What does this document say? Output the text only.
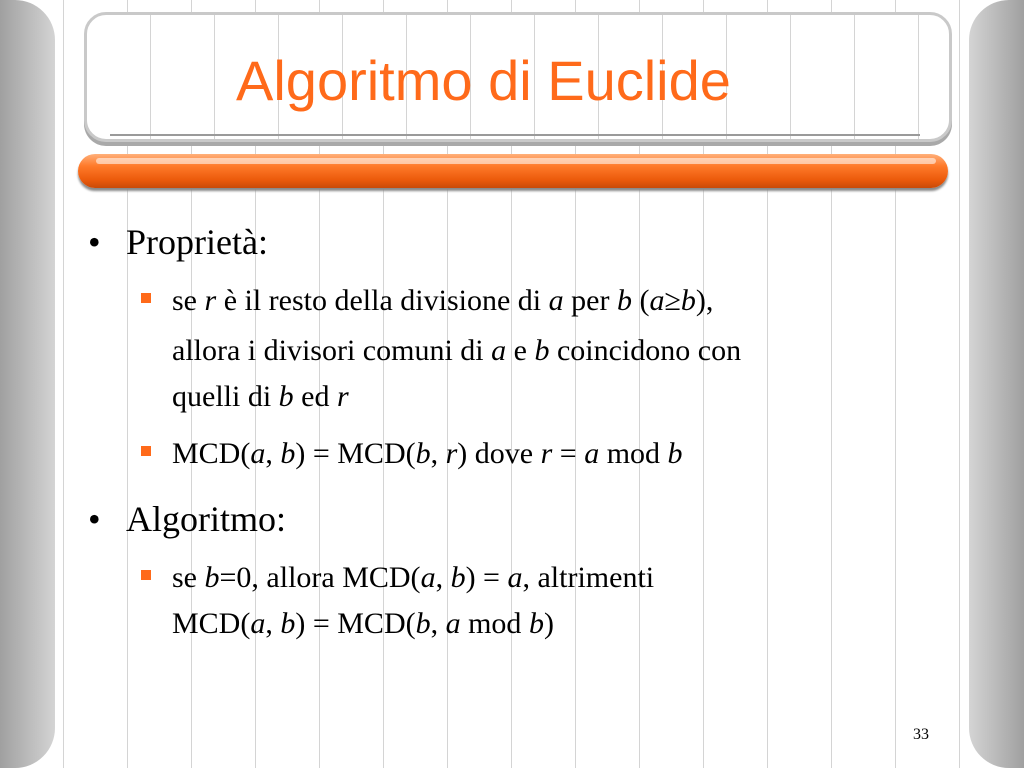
Algoritmo di Euclide
• Proprietà:
se r è il resto della divisione di a per b (a≥b),
allora i divisori comuni di a e b coincidono con
quelli di b ed r
MCD(a, b) = MCD(b, r) dove r = a mod b
• Algoritmo:
se b=0, allora MCD(a, b) = a, altrimenti
MCD(a, b) = MCD(b, a mod b)
33
